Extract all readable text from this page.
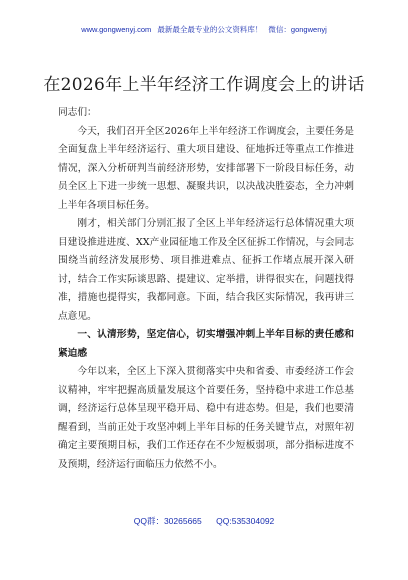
www.gongwenyj.com 最新最全最专业的公文资料库！ 微信：gongwenyj
在2026年上半年经济工作调度会上的讲话

同志们：

今天，我们召开全区2026年上半年经济工作调度会，主要任务是全面复盘上半年经济运行、重大项目建设、征地拆迁等重点工作推进情况，深入分析研判当前经济形势，安排部署下一阶段目标任务，动员全区上下进一步统一思想、凝聚共识，以决战决胜姿态，全力冲刺上半年各项目标任务。

刚才，相关部门分别汇报了全区上半年经济运行总体情况重大项目建设推进进度、XX产业园征地工作及全区征拆工作情况，与会同志围绕当前经济发展形势、项目推进难点、征拆工作堵点展开深入研讨，结合工作实际谈思路、提建议、定举措，讲得很实在，问题找得准，措施也提得实，我都同意。下面，结合我区实际情况，我再讲三点意见。

一、认清形势，坚定信心，切实增强冲刺上半年目标的责任感和紧迫感

今年以来，全区上下深入贯彻落实中央和省委、市委经济工作会议精神，牢牢把握高质量发展这个首要任务，坚持稳中求进工作总基调，经济运行总体呈现平稳开局、稳中有进态势。但是，我们也要清醒看到，当前正处于攻坚冲刺上半年目标的任务关键节点，对照年初确定主要预期目标，我们工作还存在不少短板弱项，部分指标进度不及预期，经济运行面临压力依然不小。

QQ群：30265665 QQ:535304092
